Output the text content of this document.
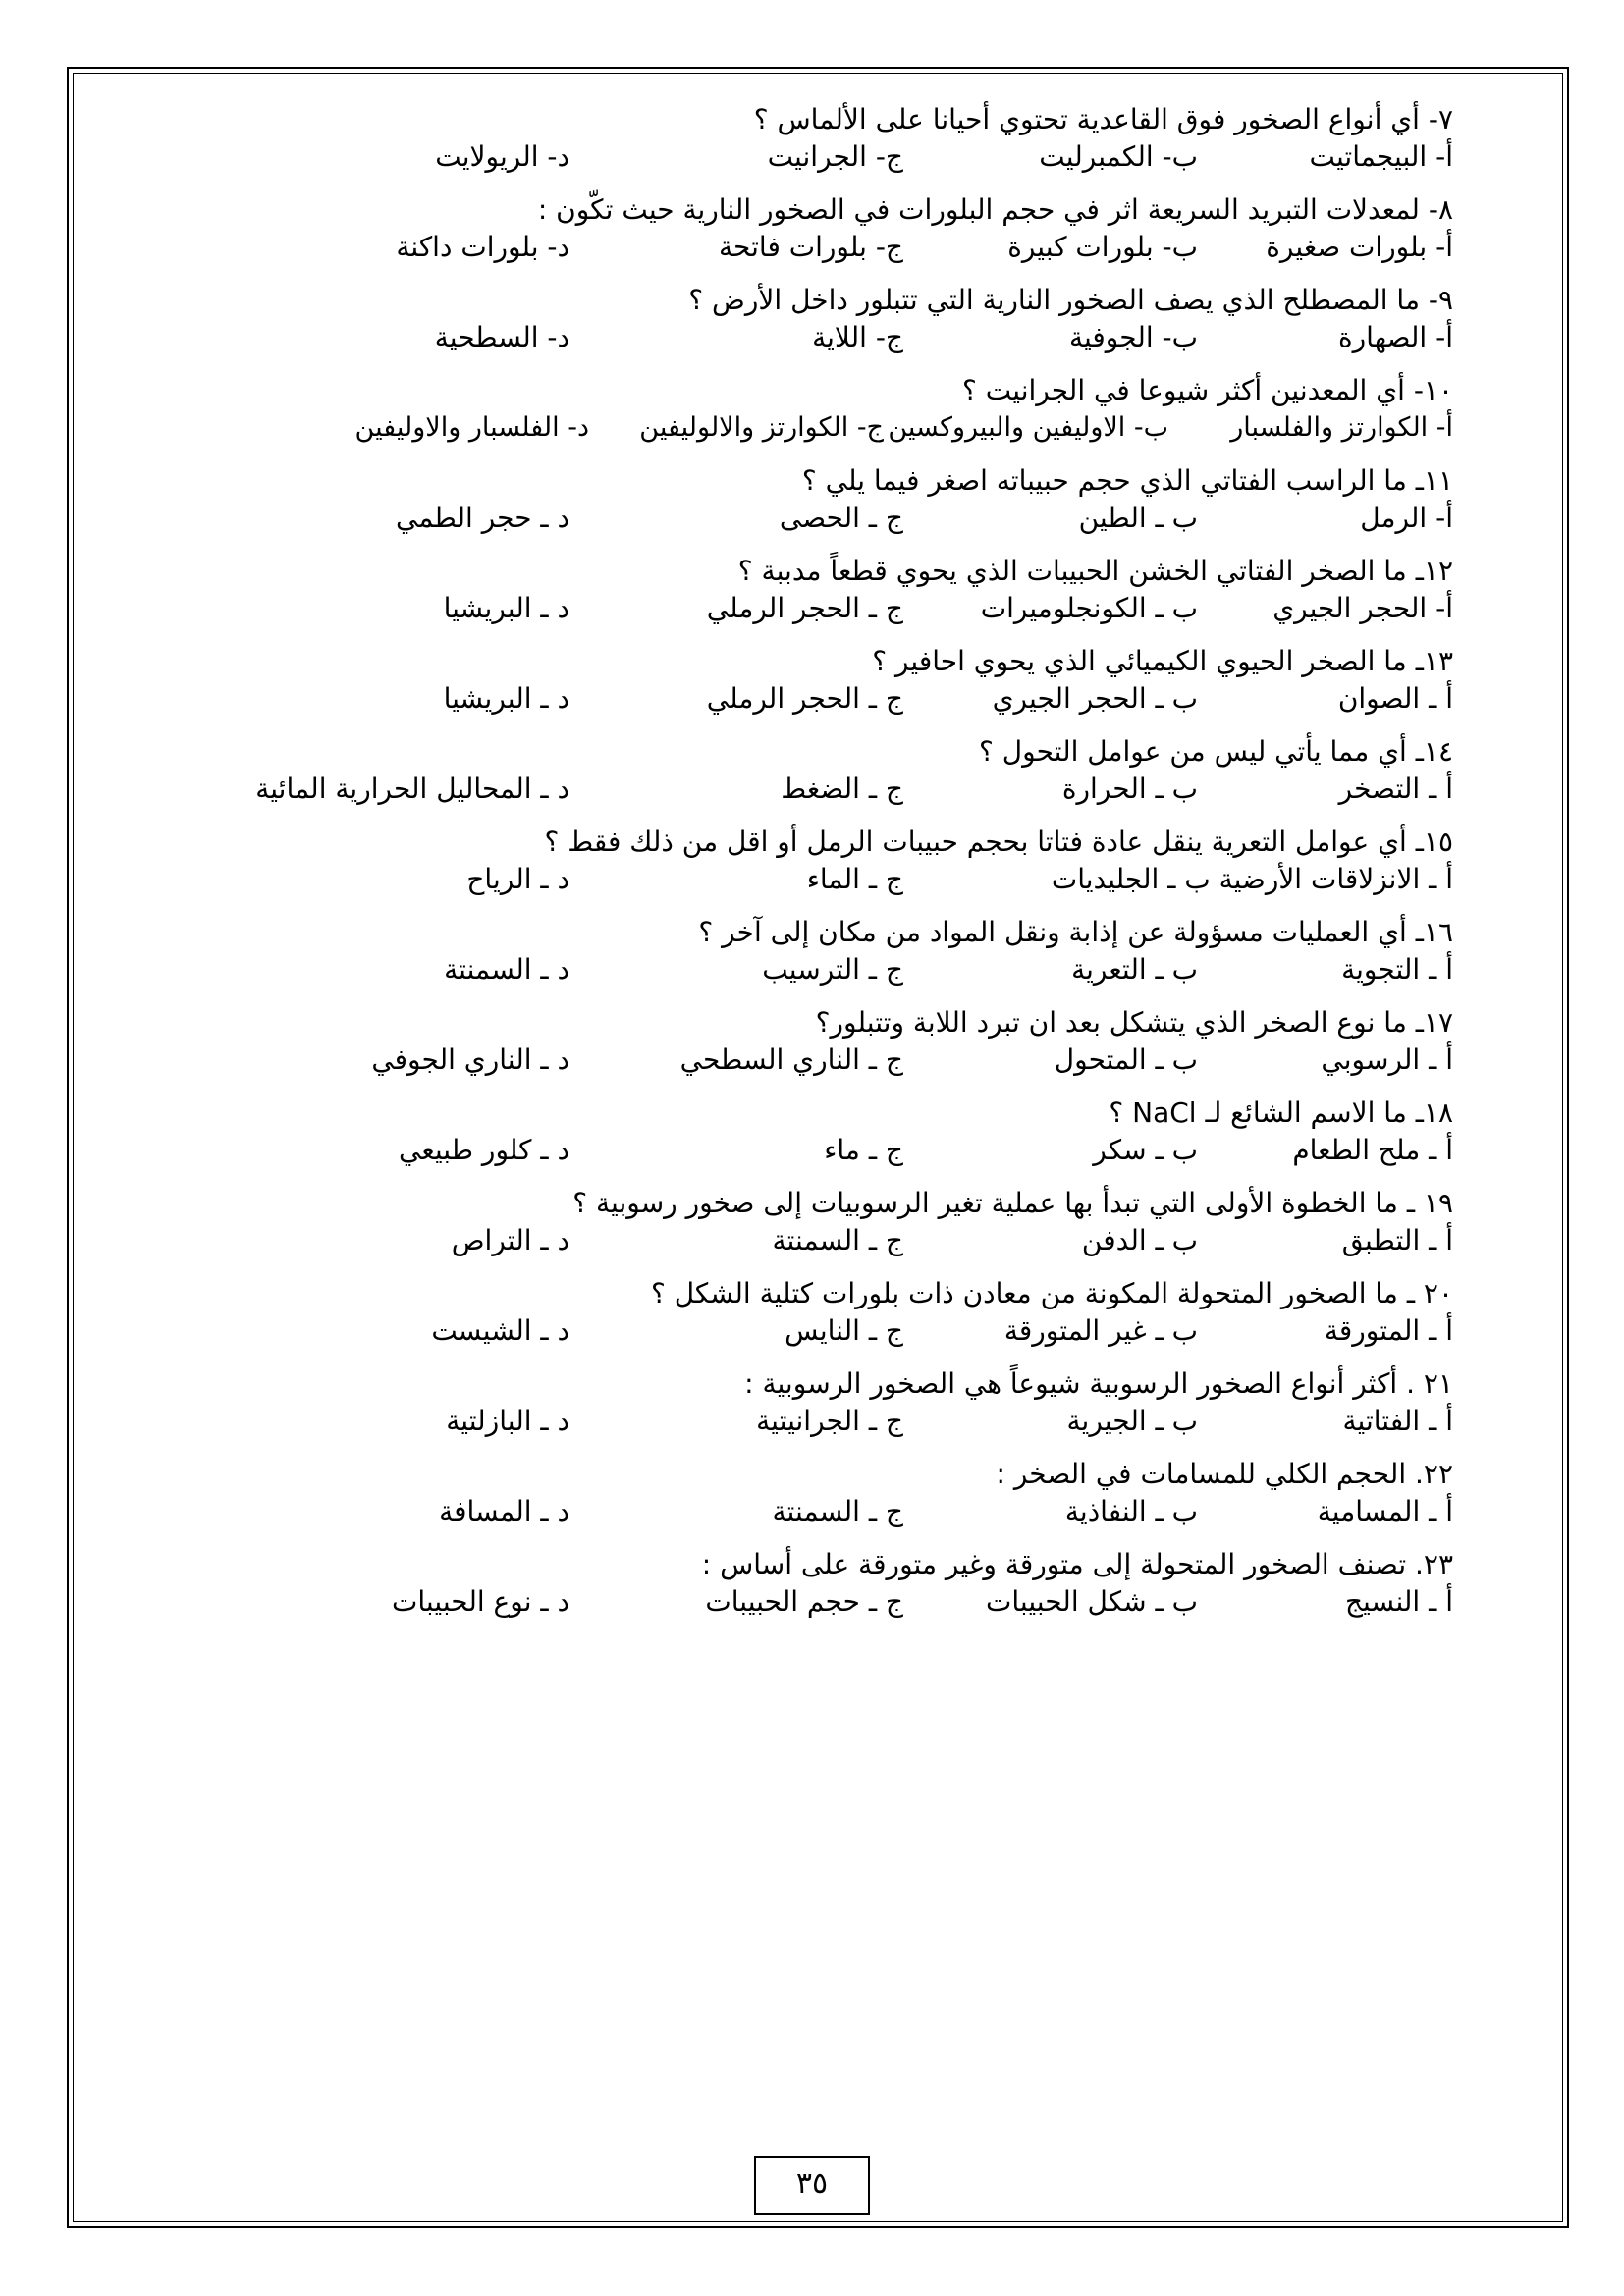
٧- أي أنواع الصخور فوق القاعدية تحتوي أحيانا على الألماس ؟
أ- البيجماتيت
ب- الكمبرليت
ج- الجرانيت
د- الريولايت
٨- لمعدلات التبريد السريعة اثر في حجم البلورات في الصخور النارية حيث تكّون :
أ- بلورات صغيرة
ب- بلورات كبيرة
ج- بلورات فاتحة
د- بلورات داكنة
٩- ما المصطلح الذي يصف الصخور النارية التي تتبلور داخل الأرض ؟
أ- الصهارة
ب- الجوفية
ج- اللاية
د- السطحية
١٠- أي المعدنين أكثر شيوعا في الجرانيت ؟
أ- الكوارتز والفلسبار
ب- الاوليفين والبيروكسين
ج- الكوارتز والالوليفين
د- الفلسبار والاوليفين
١١ـ ما الراسب الفتاتي الذي حجم حبيباته اصغر فيما يلي ؟
أ- الرمل
ب ـ الطين
ج ـ الحصى
د ـ حجر الطمي
١٢ـ ما الصخر الفتاتي الخشن الحبيبات الذي يحوي قطعاً مدببة ؟
أ- الحجر الجيري
ب ـ الكونجلوميرات
ج ـ الحجر الرملي
د ـ البريشيا
١٣ـ ما الصخر الحيوي الكيميائي الذي يحوي احافير ؟
أ ـ الصوان
ب ـ الحجر الجيري
ج ـ الحجر الرملي
د ـ البريشيا
١٤ـ أي مما يأتي ليس من عوامل التحول ؟
أ ـ التصخر
ب ـ الحرارة
ج ـ الضغط
د ـ المحاليل الحرارية المائية
١٥ـ أي عوامل التعرية ينقل عادة فتاتا بحجم حبيبات الرمل أو اقل من ذلك فقط ؟
أ ـ الانزلاقات الأرضية ب ـ الجليديات
ج ـ الماء
د ـ الرياح
١٦ـ أي العمليات مسؤولة عن إذابة ونقل المواد من مكان إلى آخر ؟
أ ـ التجوية
ب ـ التعرية
ج ـ الترسيب
د ـ السمنتة
١٧ـ ما نوع الصخر الذي يتشكل بعد ان تبرد اللابة وتتبلور؟
أ ـ الرسوبي
ب ـ المتحول
ج ـ الناري السطحي
د ـ الناري الجوفي
١٨ـ ما الاسم الشائع لـ NaCl ؟
أ ـ ملح الطعام
ب ـ سكر
ج ـ ماء
د ـ كلور طبيعي
١٩ ـ ما الخطوة الأولى التي تبدأ بها عملية تغير الرسوبيات إلى صخور رسوبية ؟
أ ـ التطبق
ب ـ الدفن
ج ـ السمنتة
د ـ التراص
٢٠ ـ ما الصخور المتحولة المكونة من معادن ذات بلورات كتلية الشكل ؟
أ ـ المتورقة
ب ـ غير المتورقة
ج ـ النايس
د ـ الشيست
٢١ . أكثر أنواع الصخور الرسوبية شيوعاً هي الصخور الرسوبية :
أ ـ الفتاتية
ب ـ الجيرية
ج ـ الجرانيتية
د ـ البازلتية
٢٢. الحجم الكلي للمسامات في الصخر :
أ ـ المسامية
ب ـ النفاذية
ج ـ السمنتة
د ـ المسافة
٢٣. تصنف الصخور المتحولة إلى متورقة وغير متورقة على أساس :
أ ـ النسيج
ب ـ شكل الحبيبات
ج ـ حجم الحبيبات
د ـ نوع الحبيبات
٣٥
